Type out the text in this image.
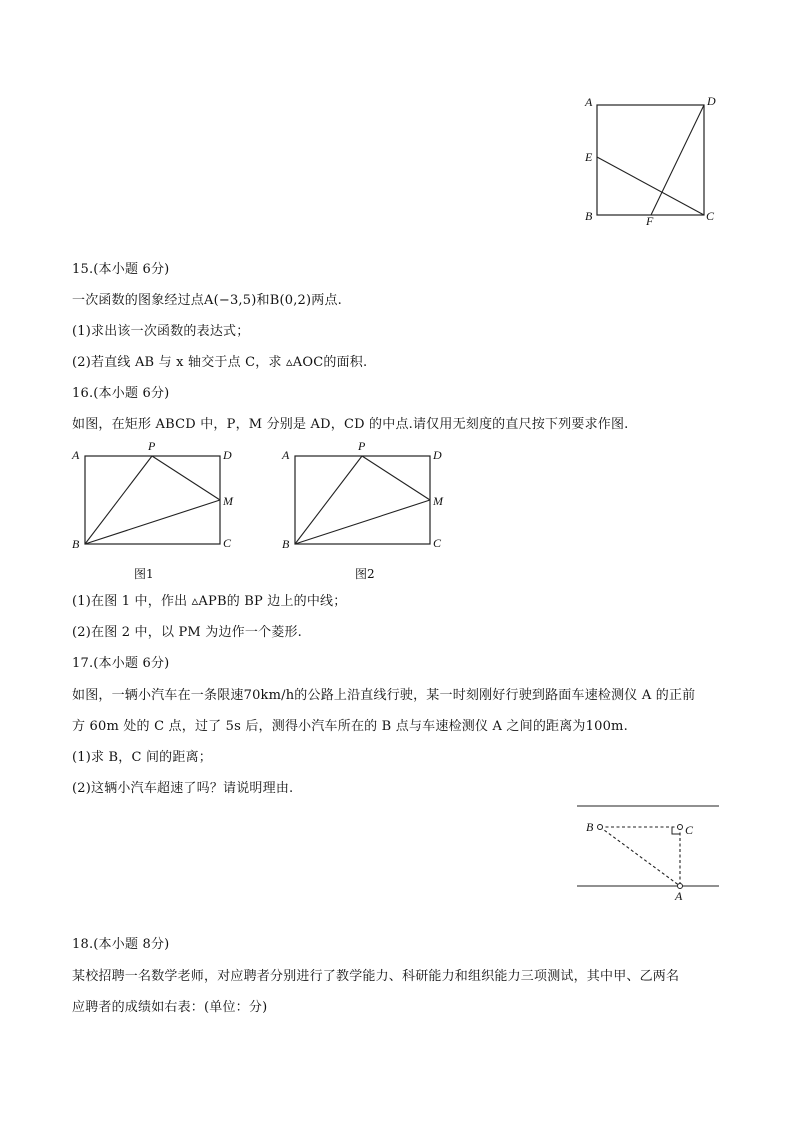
A	D
E
B	F	C
15.(本小题 6分)
一次函数的图象经过点A(−3,5)和B(0,2)两点.
(1)求出该一次函数的表达式；
(2)若直线 AB 与 x 轴交于点 C，求 ▵AOC的面积.
16.(本小题 6分)
如图，在矩形 ABCD 中，P，M 分别是 AD，CD 的中点.请仅用无刻度的直尺按下列要求作图.
A
P
D
M
B	C
图1
A
P
D
M
B	C
图2
(1)在图 1 中，作出 ▵APB的 BP 边上的中线；
(2)在图 2 中，以 PM 为边作一个菱形.
17.(本小题 6分)
如图，一辆小汽车在一条限速70km/h的公路上沿直线行驶，某一时刻刚好行驶到路面车速检测仪 A 的正前
方 60m 处的 C 点，过了 5s 后，测得小汽车所在的 B 点与车速检测仪 A 之间的距离为100m.
(1)求 B，C 间的距离；
(2)这辆小汽车超速了吗？请说明理由.
B	C
A
18.(本小题 8分)
某校招聘一名数学老师，对应聘者分别进行了教学能力、科研能力和组织能力三项测试，其中甲、乙两名
应聘者的成绩如右表：(单位：分)
